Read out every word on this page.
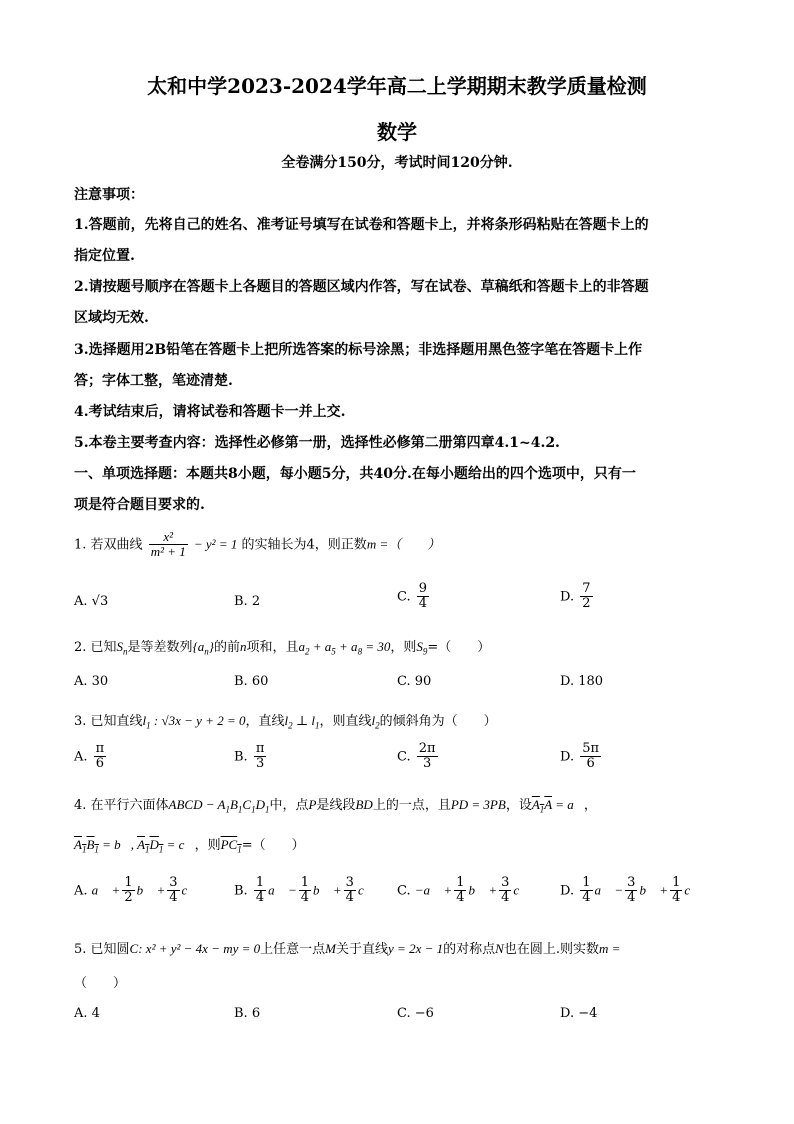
太和中学2023-2024学年高二上学期期末教学质量检测
数学
全卷满分150分，考试时间120分钟.
注意事项：
1.答题前，先将自己的姓名、准考证号填写在试卷和答题卡上，并将条形码粘贴在答题卡上的
指定位置.
2.请按题号顺序在答题卡上各题目的答题区域内作答，写在试卷、草稿纸和答题卡上的非答题
区域均无效.
3.选择题用2B铅笔在答题卡上把所选答案的标号涂黑；非选择题用黑色签字笔在答题卡上作
答；字体工整，笔迹清楚.
4.考试结束后，请将试卷和答题卡一并上交.
5.本卷主要考查内容：选择性必修第一册，选择性必修第二册第四章4.1~4.2.
一、单项选择题：本题共8小题，每小题5分，共40分.在每小题给出的四个选项中，只有一
项是符合题目要求的.
1. 若双曲线 $\frac{\text{x²}}{\text{m² + 1}} - y^2 = 1$ 的实轴长为4，则正数m =（　　）
A. √3	B. 2	C. $\frac{9}{4}$	D. $\frac{7}{2}$
2. 已知$S_n$是等差数列$\{a_n\}$的前n项和，且$a_2 + a_5 + a_8 = 30$，则$S_9=$（　　）
A. 30	B. 60	C. 90	D. 180
3. 已知直线$l_1$ : √3x − y + 2 = 0，直线$l_2$ ⊥ $l_1$，则直线$l_2$的倾斜角为（　　）
A. $\frac{\pi}{6}$	B. $\frac{\pi}{3}$	C. $\frac{2\pi}{3}$	D. $\frac{5\pi}{6}$
4. 在平行六面体ABCD − $A_1B_1C_1D_1$中，点P是线段BD上的一点，且PD = 3PB，设$A_1A$ = a⃗，
$A_1B_1$ = b⃗, $A_1D_1$ = c⃗，则$PC_1=$（　　）
A. a⃗ + $\frac{1}{2}$ b⃗ + $\frac{3}{4}$ c⃗	B. $\frac{1}{4}$ a⃗ − $\frac{1}{4}$ b⃗ + $\frac{3}{4}$ c⃗ C. −a⃗ + $\frac{1}{4}$ b⃗ + $\frac{3}{4}$ c⃗ D. $\frac{1}{4}$ a⃗ − $\frac{3}{4}$ b⃗ + $\frac{1}{4}$ c⃗
5. 已知圆C: x² + y² − 4x − my = 0上任意一点M关于直线y = 2x − 1的对称点N也在圆上.则实数m =
（　　）
A. 4	B. 6	C. −6	D. −4
